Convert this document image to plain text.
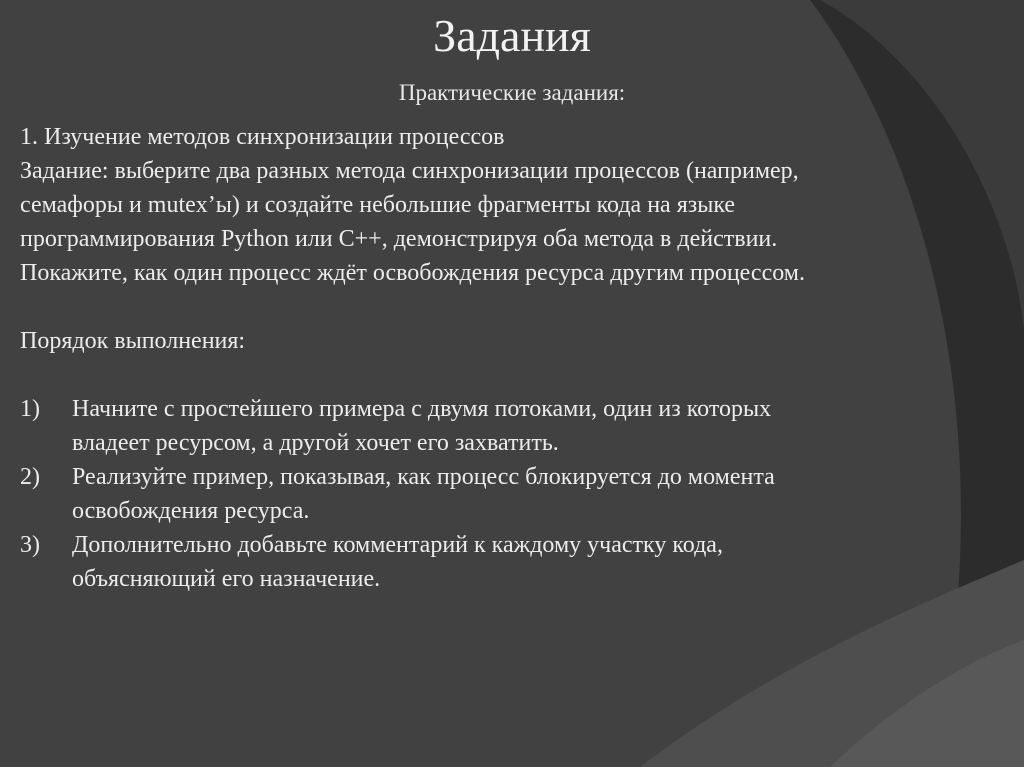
Задания
Практические задания:

1. Изучение методов синхронизации процессов

Задание: выберите два разных метода синхронизации процессов (например,

семафоры и mutex’ы) и создайте небольшие фрагменты кода на языке

программирования Python или C++, демонстрируя оба метода в действии.

Покажите, как один процесс ждёт освобождения ресурса другим процессом.

Порядок выполнения:

1)	Начните с простейшего примера с двумя потоками, один из которых
владеет ресурсом, а другой хочет его захватить.
2)	Реализуйте пример, показывая, как процесс блокируется до момента
освобождения ресурса.
3)	Дополнительно добавьте комментарий к каждому участку кода,
объясняющий его назначение.
